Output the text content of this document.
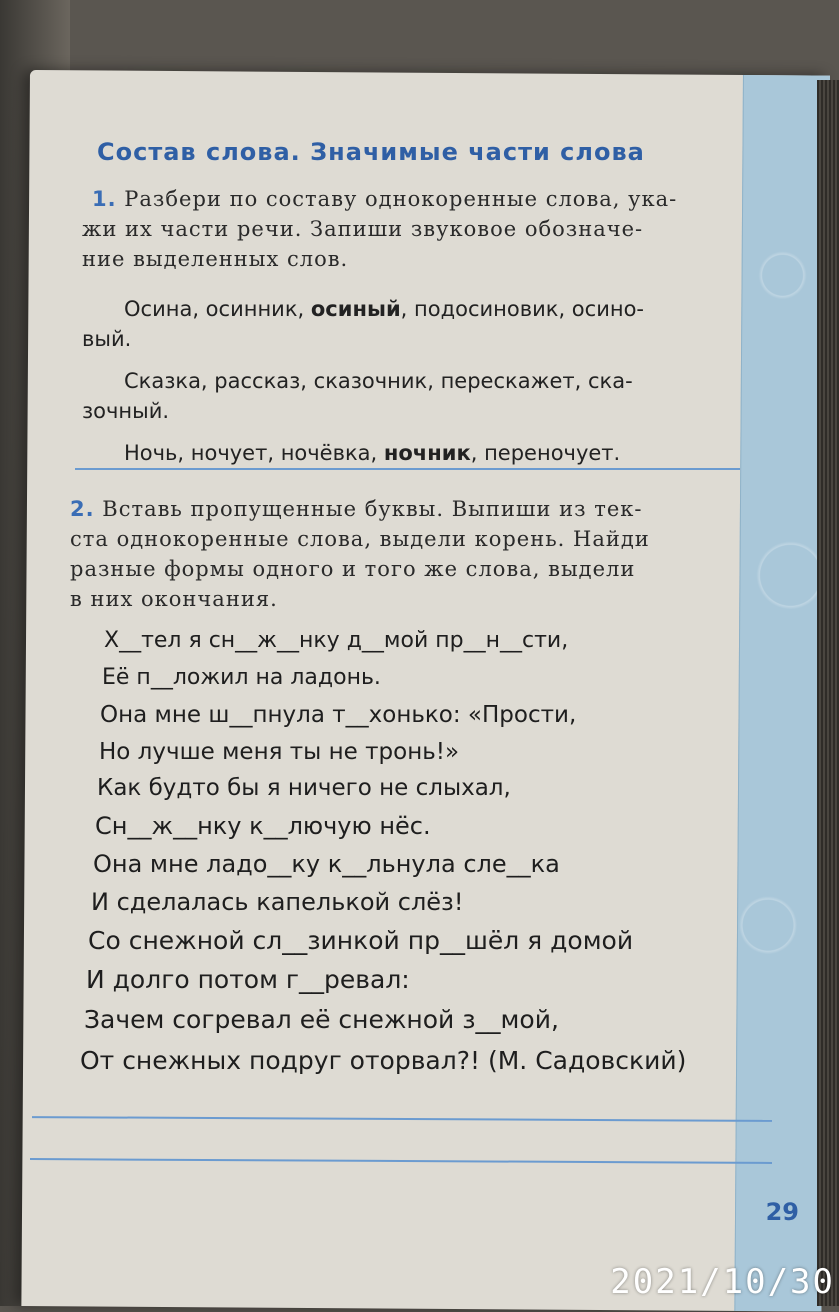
Состав слова. Значимые части слова
1. Разбери по составу однокоренные слова, ука-
жи их части речи. Запиши звуковое обозначе-
ние выделенных слов.
Осина, осинник, осиный, подосиновик, осино-
вый.
Сказка, рассказ, сказочник, перескажет, ска-
зочный.
Ночь, ночует, ночёвка, ночник, переночует.
2. Вставь пропущенные буквы. Выпиши из тек-
ста однокоренные слова, выдели корень. Найди
разные формы одного и того же слова, выдели
в них окончания.
Х__тел я сн__ж__нку д__мой пр__н__сти,
Её п__ложил на ладонь.
Она мне ш__пнула т__хонько: «Прости,
Но лучше меня ты не тронь!»
Как будто бы я ничего не слыхал,
Сн__ж__нку к__лючую нёс.
Она мне ладо__ку к__льнула сле__ка
И сделалась капелькой слёз!
Со снежной сл__зинкой пр__шёл я домой
И долго потом г__ревал:
Зачем согревал её снежной з__мой,
От снежных подруг оторвал?! (М. Садовский)
29
2021/10/30
